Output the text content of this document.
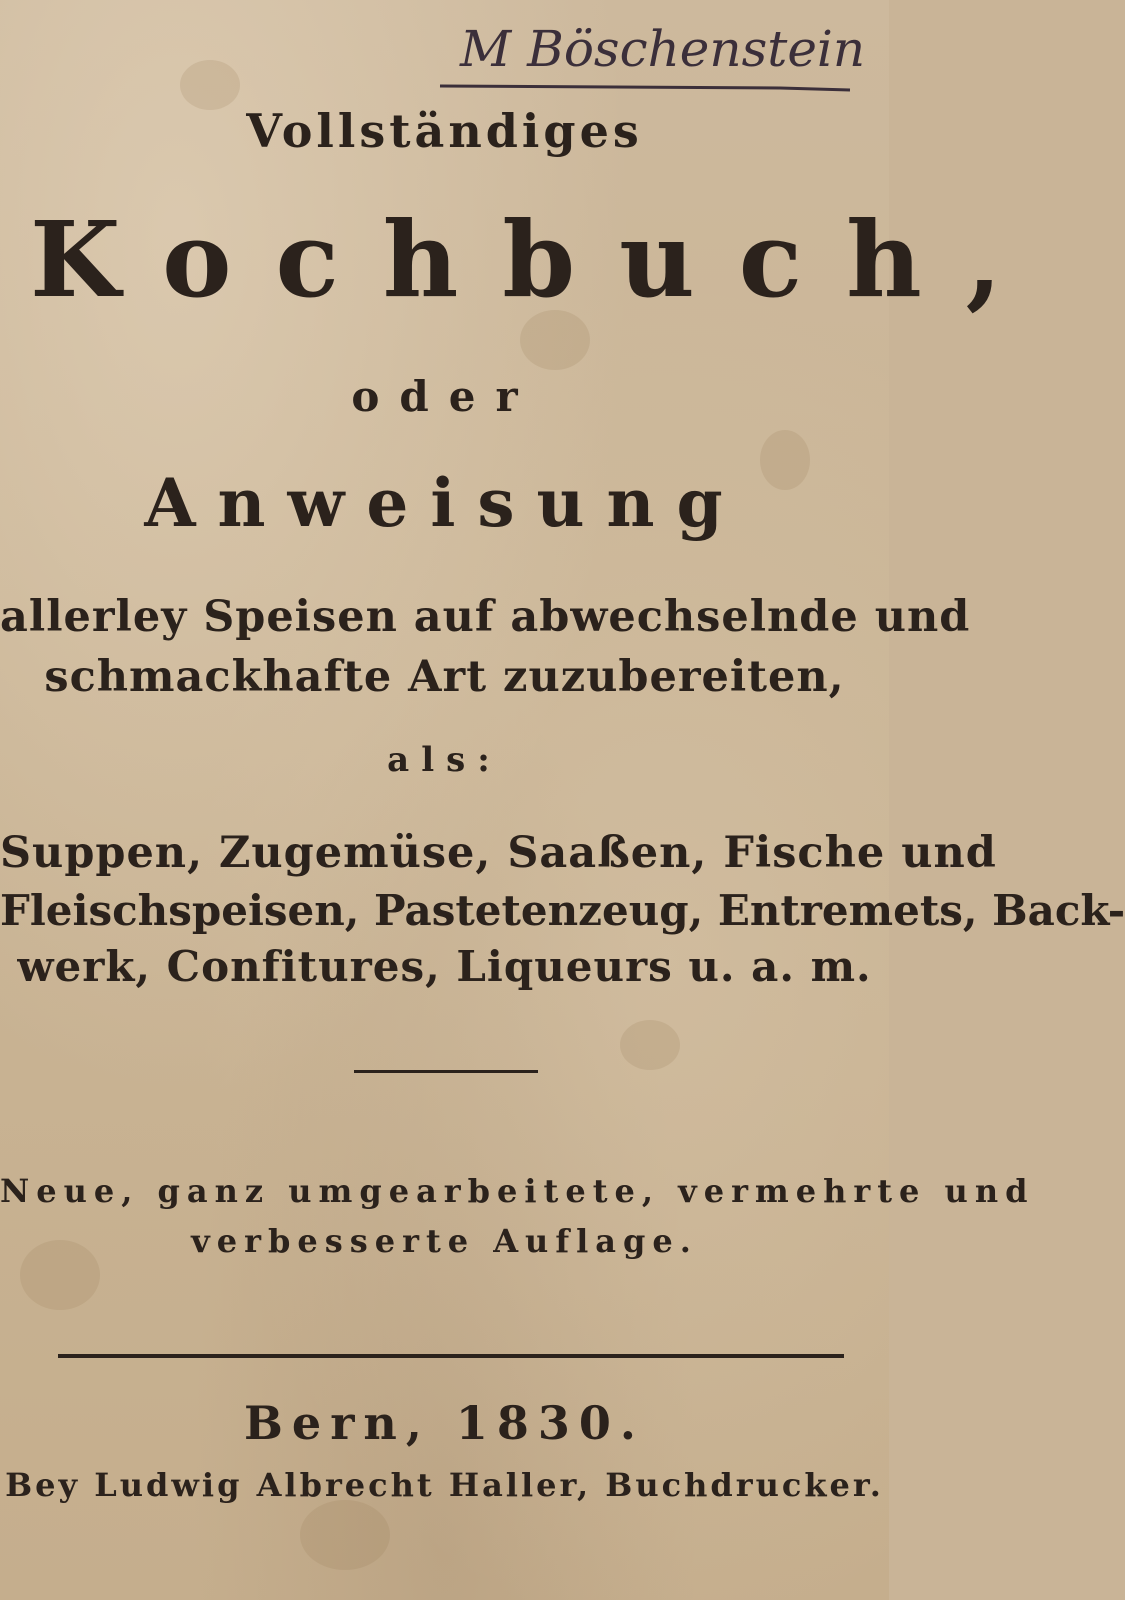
M Böschenstein
Vollständiges
Kochbuch,
oder
Anweisung
allerley Speisen auf abwechselnde und
schmackhafte Art zuzubereiten,
als:
Suppen, Zugemüse, Saaßen, Fische und
Fleischspeisen, Pastetenzeug, Entremets, Back-
werk, Confitures, Liqueurs u. a. m.
Neue, ganz umgearbeitete, vermehrte und
verbesserte Auflage.
Bern, 1830.
Bey Ludwig Albrecht Haller, Buchdrucker.
